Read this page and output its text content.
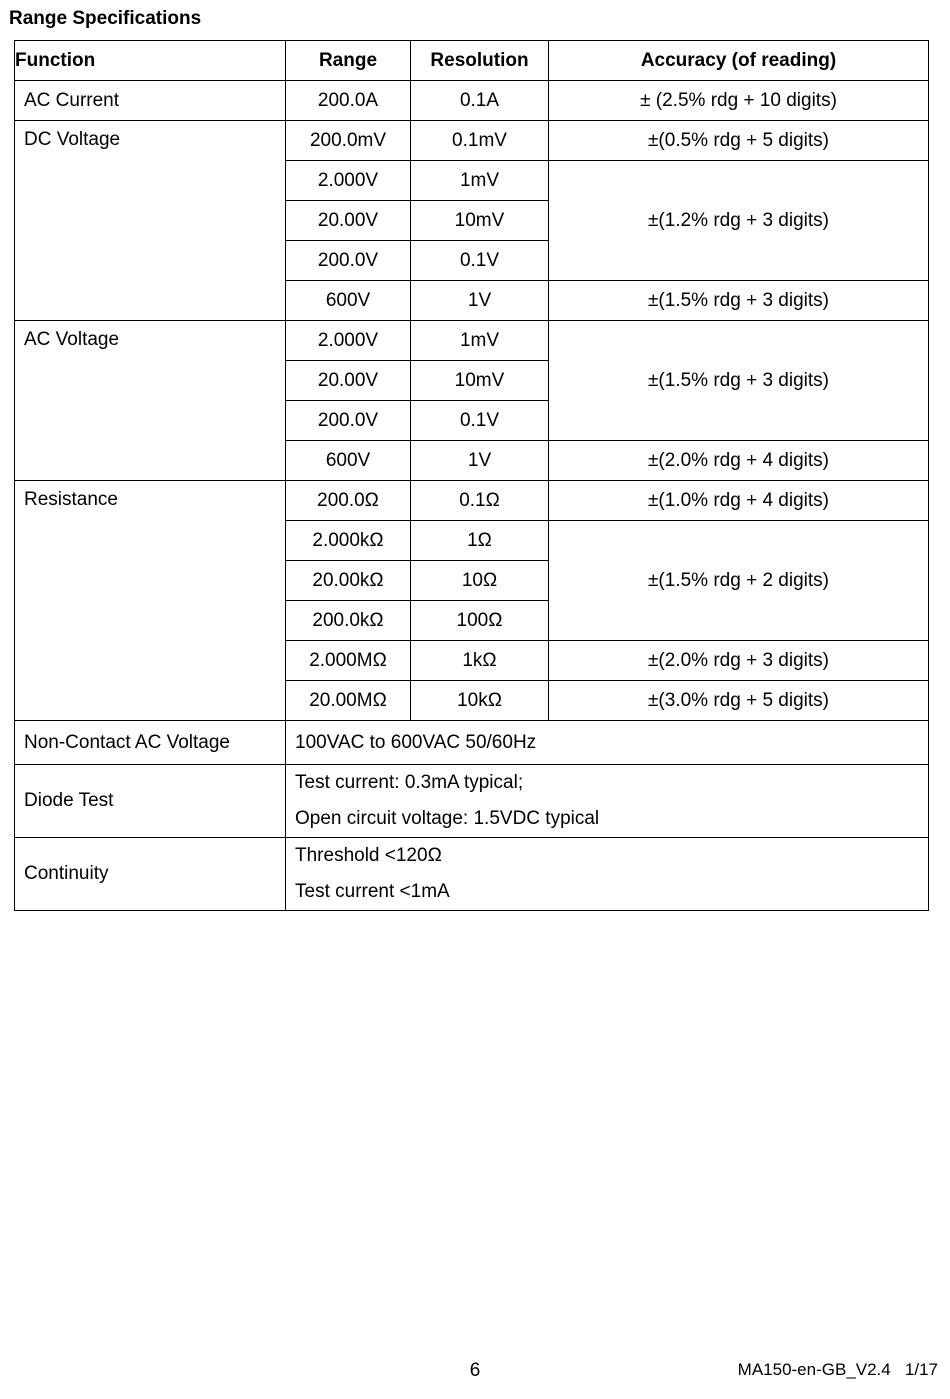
Range Specifications
Function	Range	Resolution	Accuracy (of reading)
AC Current	200.0A	0.1A	± (2.5% rdg + 10 digits)
DC Voltage	200.0mV	0.1mV	±(0.5% rdg + 5 digits)
	2.000V	1mV	±(1.2% rdg + 3 digits)
	20.00V	10mV	
	200.0V	0.1V	
	600V	1V	±(1.5% rdg + 3 digits)
AC Voltage	2.000V	1mV	±(1.5% rdg + 3 digits)
	20.00V	10mV	
	200.0V	0.1V	
	600V	1V	±(2.0% rdg + 4 digits)
Resistance	200.0Ω	0.1Ω	±(1.0% rdg + 4 digits)
	2.000kΩ	1Ω	±(1.5% rdg + 2 digits)
	20.00kΩ	10Ω	
	200.0kΩ	100Ω	
	2.000MΩ	1kΩ	±(2.0% rdg + 3 digits)
	20.00MΩ	10kΩ	±(3.0% rdg + 5 digits)
Non-Contact AC Voltage	100VAC to 600VAC 50/60Hz		
Diode Test	Test current: 0.3mA typical;
Open circuit voltage: 1.5VDC typical		

Continuity	Threshold <120Ω
Test current <1mA		
6	MA150-en-GB_V2.4   1/17
